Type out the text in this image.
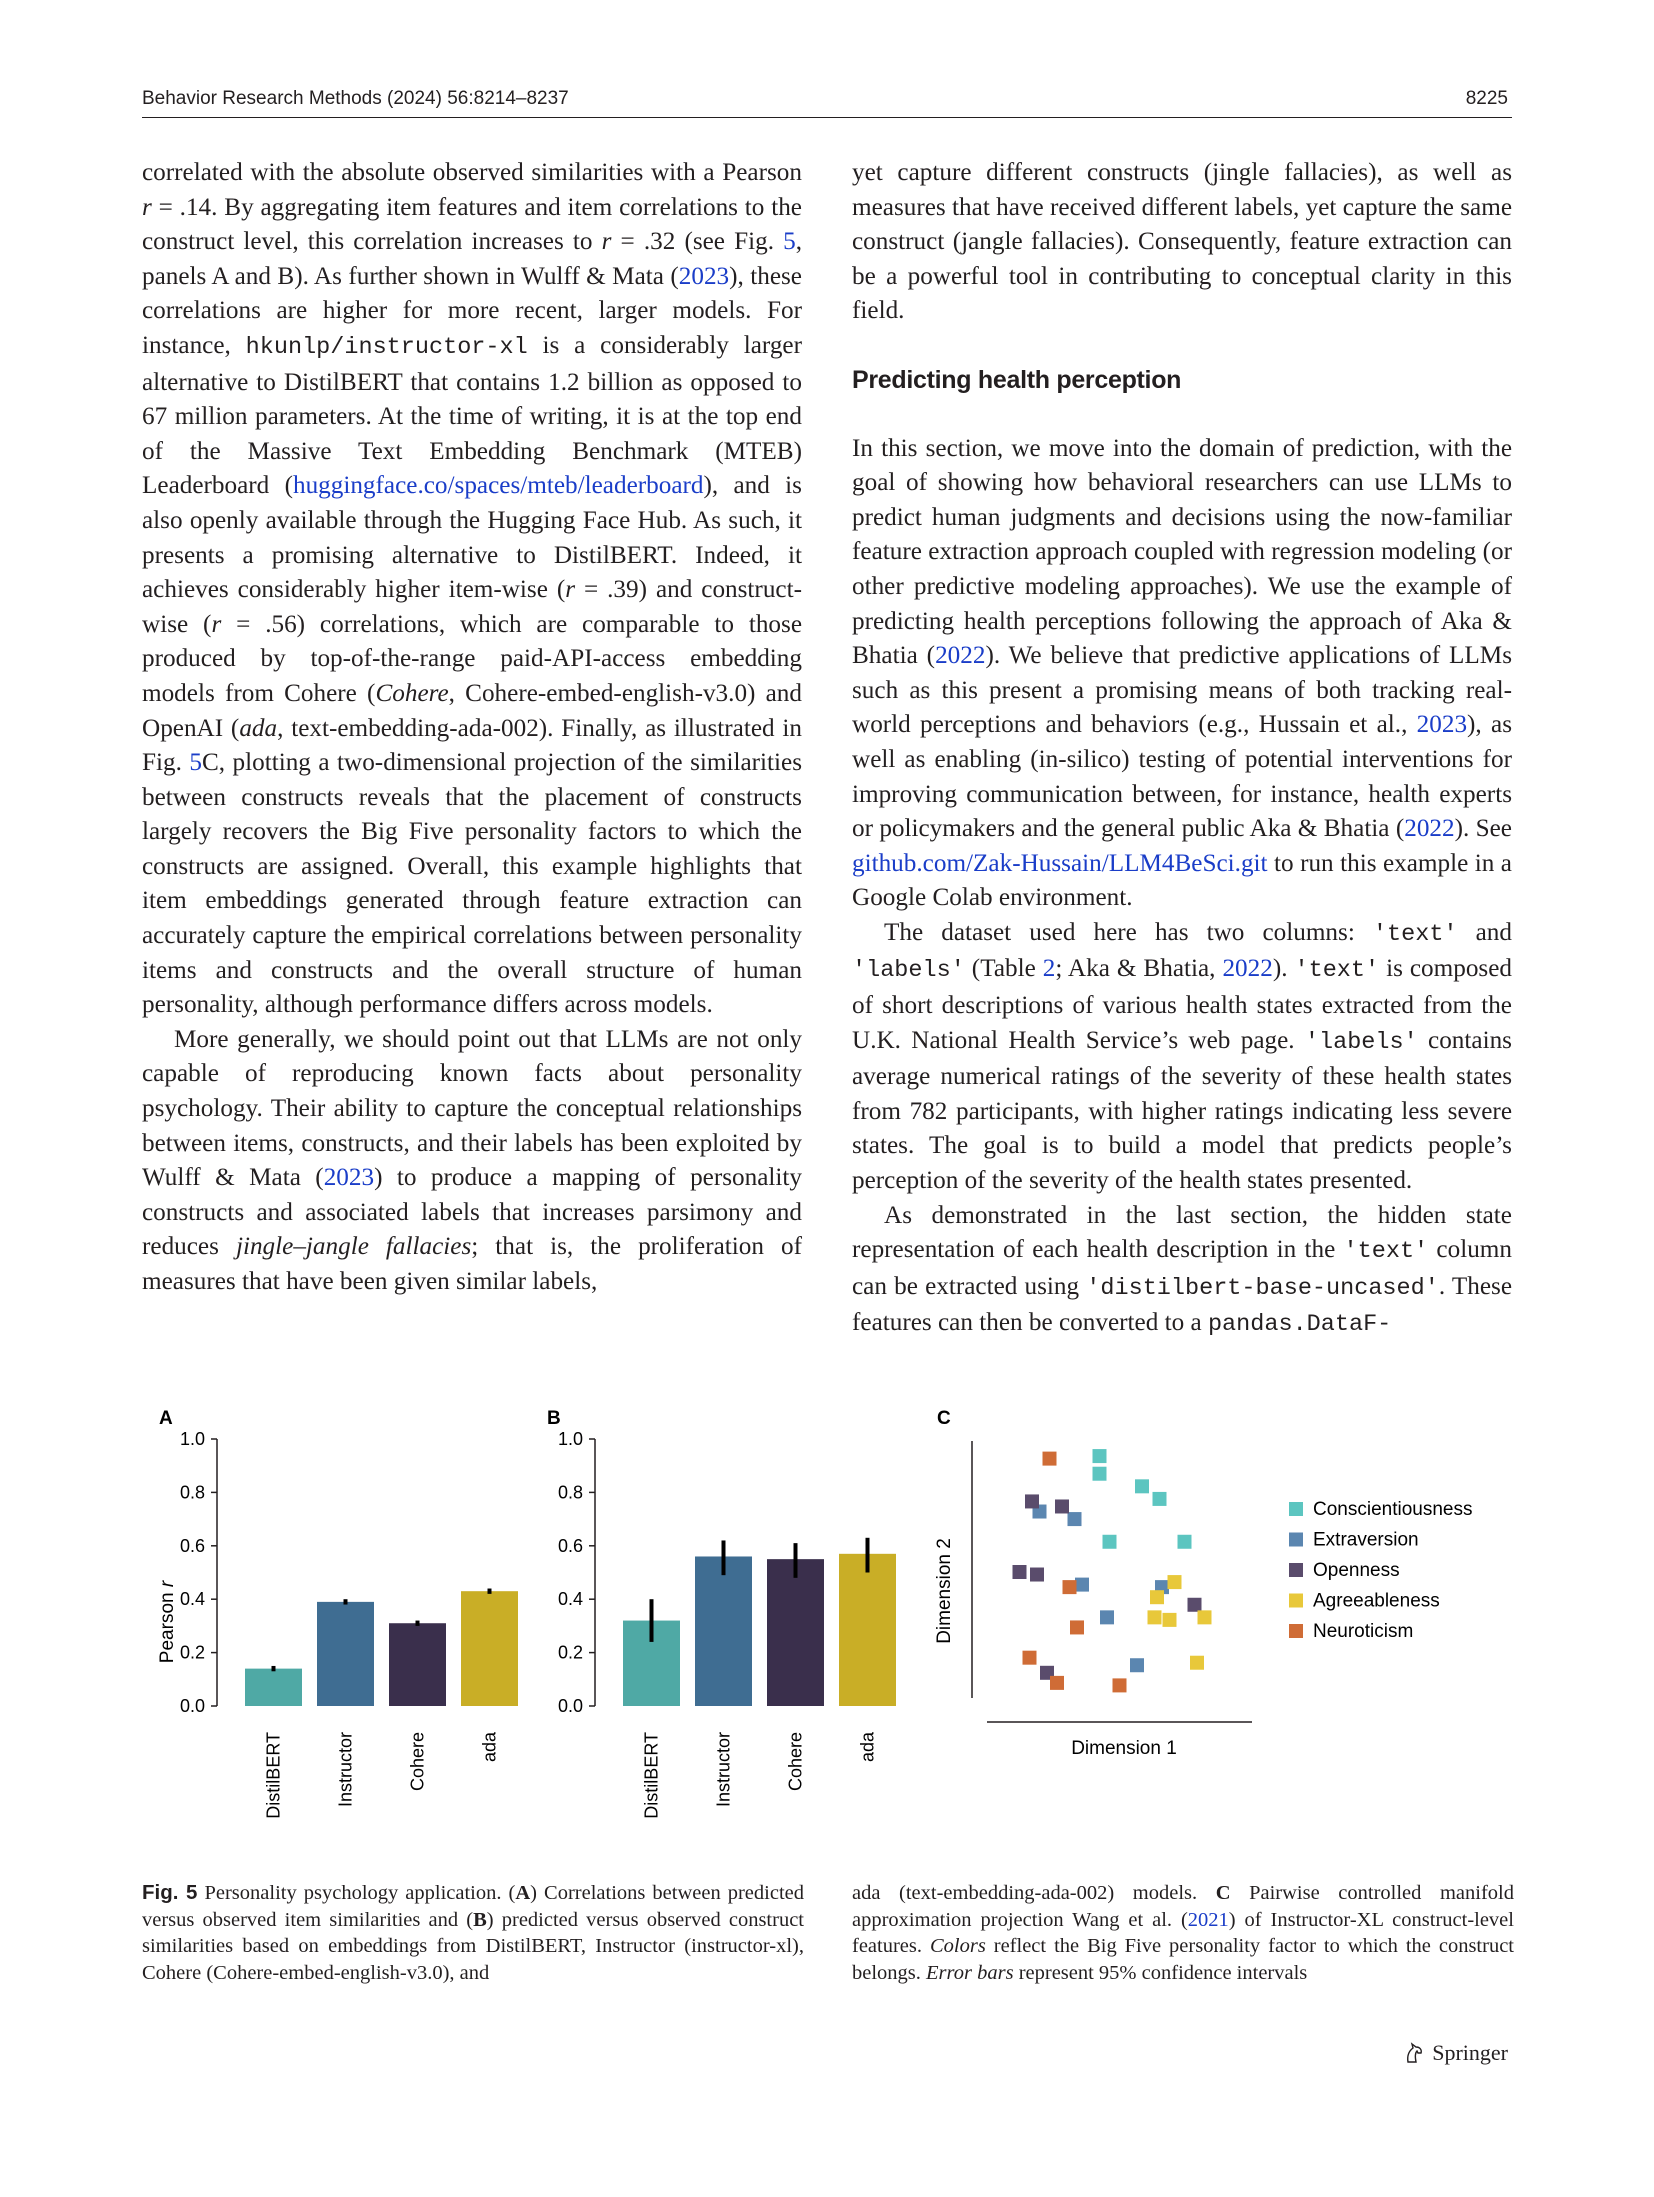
Behavior Research Methods (2024) 56:8214–8237	8225

correlated with the absolute observed similarities with a Pearson r = .14. By aggregating item features and item correlations to the construct level, this correlation increases to r = .32 (see Fig. 5, panels A and B). As further shown in Wulff & Mata (2023), these correlations are higher for more recent, larger models. For instance, hkunlp/instructor-xl is a considerably larger alternative to DistilBERT that contains 1.2 billion as opposed to 67 million parameters. At the time of writing, it is at the top end of the Massive Text Embedding Benchmark (MTEB) Leaderboard (huggingface.co/spaces/mteb/leaderboard), and is also openly available through the Hugging Face Hub. As such, it presents a promising alternative to DistilBERT. Indeed, it achieves considerably higher item-wise (r = .39) and construct-wise (r = .56) correlations, which are comparable to those produced by top-of-the-range paid-API-access embedding models from Cohere (Cohere, Cohere-embed-english-v3.0) and OpenAI (ada, text-embedding-ada-002). Finally, as illustrated in Fig. 5C, plotting a two-dimensional projection of the similarities between constructs reveals that the placement of constructs largely recovers the Big Five personality factors to which the constructs are assigned. Overall, this example highlights that item embeddings generated through feature extraction can accurately capture the empirical correlations between personality items and constructs and the overall structure of human personality, although performance differs across models.

More generally, we should point out that LLMs are not only capable of reproducing known facts about personality psychology. Their ability to capture the conceptual relationships between items, constructs, and their labels has been exploited by Wulff & Mata (2023) to produce a mapping of personality constructs and associated labels that increases parsimony and reduces jingle–jangle fallacies; that is, the proliferation of measures that have been given similar labels,

yet capture different constructs (jingle fallacies), as well as measures that have received different labels, yet capture the same construct (jangle fallacies). Consequently, feature extraction can be a powerful tool in contributing to conceptual clarity in this field.

Predicting health perception

In this section, we move into the domain of prediction, with the goal of showing how behavioral researchers can use LLMs to predict human judgments and decisions using the now-familiar feature extraction approach coupled with regression modeling (or other predictive modeling approaches). We use the example of predicting health perceptions following the approach of Aka & Bhatia (2022). We believe that predictive applications of LLMs such as this present a promising means of both tracking real-world perceptions and behaviors (e.g., Hussain et al., 2023), as well as enabling (in-silico) testing of potential interventions for improving communication between, for instance, health experts or policymakers and the general public Aka & Bhatia (2022). See github.com/Zak-Hussain/LLM4BeSci.git to run this example in a Google Colab environment.

The dataset used here has two columns: 'text' and 'labels' (Table 2; Aka & Bhatia, 2022). 'text' is composed of short descriptions of various health states extracted from the U.K. National Health Service’s web page. 'labels' contains average numerical ratings of the severity of these health states from 782 participants, with higher ratings indicating less severe states. The goal is to build a model that predicts people’s perception of the severity of the health states presented.

As demonstrated in the last section, the hidden state representation of each health description in the 'text' column can be extracted using 'distilbert-base-uncased'. These features can then be converted to a pandas.DataF-

A	B	C
Pearson r
Dimension 1
Dimension 2
0.0
0.2
0.4
0.6
0.8
1.0
DistilBERT	Instructor	Cohere	ada
0.0
0.2
0.4
0.6
0.8
1.0
DistilBERT	Instructor	Cohere	ada
Conscientiousness
Extraversion
Openness
Agreeableness
Neuroticism

Fig. 5 Personality psychology application. (A) Correlations between predicted versus observed item similarities and (B) predicted versus observed construct similarities based on embeddings from DistilBERT, Instructor (instructor-xl), Cohere (Cohere-embed-english-v3.0), and

ada (text-embedding-ada-002) models. C Pairwise controlled manifold approximation projection Wang et al. (2021) of Instructor-XL construct-level features. Colors reflect the Big Five personality factor to which the construct belongs. Error bars represent 95% confidence intervals

Springer
